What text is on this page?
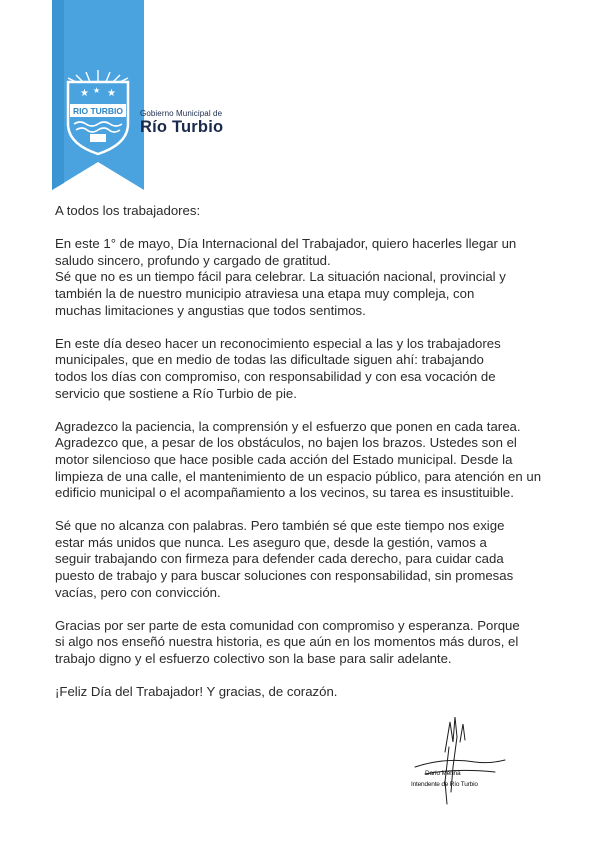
★ ★
★
RIO TURBIO Gobierno Municipal de
Río Turbio

A todos los trabajadores:

En este 1° de mayo, Día Internacional del Trabajador, quiero hacerles llegar un
saludo sincero, profundo y cargado de gratitud.
Sé que no es un tiempo fácil para celebrar. La situación nacional, provincial y
también la de nuestro municipio atraviesa una etapa muy compleja, con
muchas limitaciones y angustias que todos sentimos.

En este día deseo hacer un reconocimiento especial a las y los trabajadores
municipales, que en medio de todas las dificultade siguen ahí: trabajando
todos los días con compromiso, con responsabilidad y con esa vocación de
servicio que sostiene a Río Turbio de pie.

Agradezco la paciencia, la comprensión y el esfuerzo que ponen en cada tarea.
Agradezco que, a pesar de los obstáculos, no bajen los brazos. Ustedes son el
motor silencioso que hace posible cada acción del Estado municipal. Desde la
limpieza de una calle, el mantenimiento de un espacio público, para atención en un
edificio municipal o el acompañamiento a los vecinos, su tarea es insustituible.

Sé que no alcanza con palabras. Pero también sé que este tiempo nos exige
estar más unidos que nunca. Les aseguro que, desde la gestión, vamos a
seguir trabajando con firmeza para defender cada derecho, para cuidar cada
puesto de trabajo y para buscar soluciones con responsabilidad, sin promesas
vacías, pero con convicción.

Gracias por ser parte de esta comunidad con compromiso y esperanza. Porque
si algo nos enseñó nuestra historia, es que aún en los momentos más duros, el
trabajo digno y el esfuerzo colectivo son la base para salir adelante.

¡Feliz Día del Trabajador! Y gracias, de corazón.

Darío Menna
Intendente de Río Turbio
